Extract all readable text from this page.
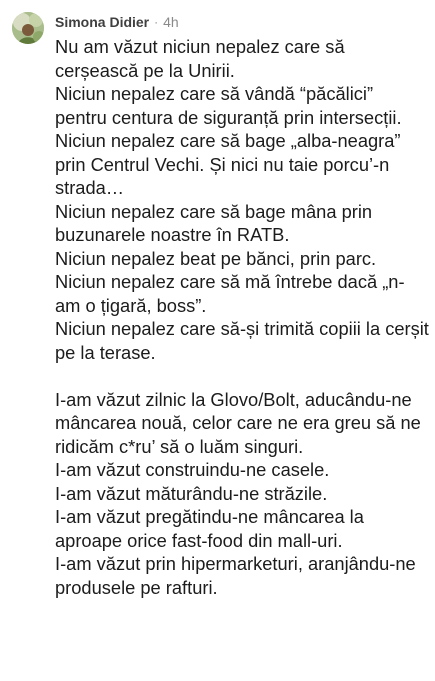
Simona Didier · 4h

Nu am văzut niciun nepalez care să cerșească pe la Unirii.

Niciun nepalez care să vândă “păcălici” pentru centura de siguranță prin intersecții.

Niciun nepalez care să bage „alba-neagra” prin Centrul Vechi. Și nici nu taie porcu’-n strada…

Niciun nepalez care să bage mâna prin buzunarele noastre în RATB.

Niciun nepalez beat pe bănci, prin parc.

Niciun nepalez care să mă întrebe dacă „n-am o țigară, boss”.

Niciun nepalez care să-și trimită copiii la cerșit pe la terase.

I-am văzut zilnic la Glovo/Bolt, aducându-ne mâncarea nouă, celor care ne era greu să ne ridicăm c*ru’ să o luăm singuri.

I-am văzut construindu-ne casele.

I-am văzut măturându-ne străzile.

I-am văzut pregătindu-ne mâncarea la aproape orice fast-food din mall-uri.

I-am văzut prin hipermarketuri, aranjându-ne produsele pe rafturi.
